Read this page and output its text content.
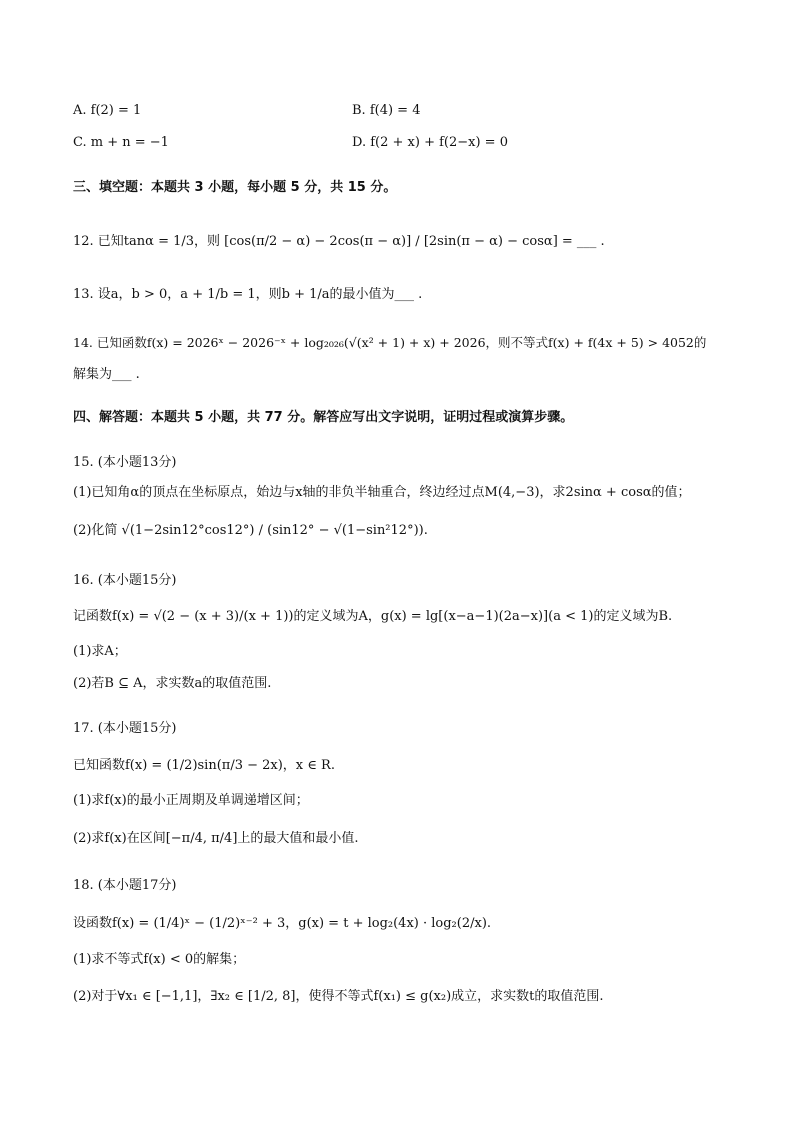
A. f(2) = 1	B. f(4) = 4
C. m + n = −1	D. f(2 + x) + f(2−x) = 0
三、填空题：本题共 3 小题，每小题 5 分，共 15 分。
12. 已知tanα = 1/3，则 [cos(π/2 − α) − 2cos(π − α)] / [2sin(π − α) − cosα] = ___ .
13. 设a，b > 0，a + 1/b = 1，则b + 1/a的最小值为___ .
14. 已知函数f(x) = 2026ˣ − 2026⁻ˣ + log₂₀₂₆(√(x² + 1) + x) + 2026，则不等式f(x) + f(4x + 5) > 4052的
解集为___ .
四、解答题：本题共 5 小题，共 77 分。解答应写出文字说明，证明过程或演算步骤。
15. (本小题13分)
(1)已知角α的顶点在坐标原点，始边与x轴的非负半轴重合，终边经过点M(4,−3)，求2sinα + cosα的值；
(2)化简 √(1−2sin12°cos12°) / (sin12° − √(1−sin²12°)).
16. (本小题15分)
记函数f(x) = √(2 − (x + 3)/(x + 1))的定义域为A，g(x) = lg[(x−a−1)(2a−x)](a < 1)的定义域为B.
(1)求A；
(2)若B ⊆ A，求实数a的取值范围.
17. (本小题15分)
已知函数f(x) = (1/2)sin(π/3 − 2x)，x ∈ R.
(1)求f(x)的最小正周期及单调递增区间；
(2)求f(x)在区间[−π/4, π/4]上的最大值和最小值.
18. (本小题17分)
设函数f(x) = (1/4)ˣ − (1/2)ˣ⁻² + 3，g(x) = t + log₂(4x) · log₂(2/x).
(1)求不等式f(x) < 0的解集；
(2)对于∀x₁ ∈ [−1,1]，∃x₂ ∈ [1/2, 8]，使得不等式f(x₁) ≤ g(x₂)成立，求实数t的取值范围.
